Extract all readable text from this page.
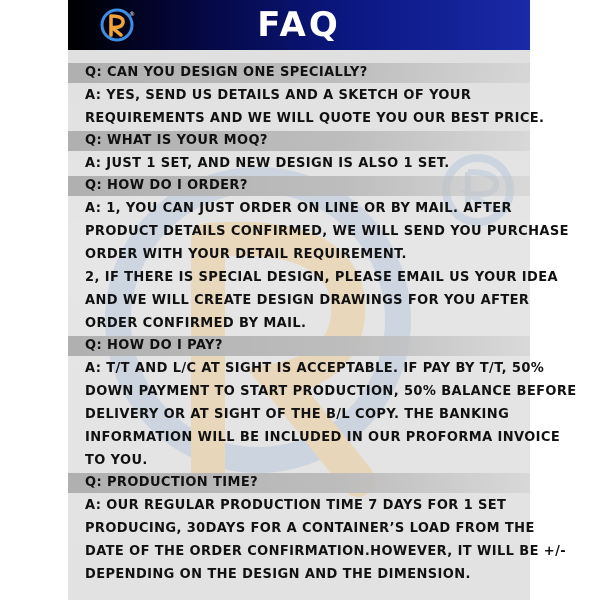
®	FAQ
Q: CAN YOU DESIGN ONE SPECIALLY?
A: YES, SEND US DETAILS AND A SKETCH OF YOUR
REQUIREMENTS AND WE WILL QUOTE YOU OUR BEST PRICE.
Q: WHAT IS YOUR MOQ?
A: JUST 1 SET, AND NEW DESIGN IS ALSO 1 SET.
Q: HOW DO I ORDER?
A: 1, YOU CAN JUST ORDER ON LINE OR BY MAIL. AFTER
PRODUCT DETAILS CONFIRMED, WE WILL SEND YOU PURCHASE
ORDER WITH YOUR DETAIL REQUIREMENT.
2, IF THERE IS SPECIAL DESIGN, PLEASE EMAIL US YOUR IDEA
AND WE WILL CREATE DESIGN DRAWINGS FOR YOU AFTER
ORDER CONFIRMED BY MAIL.
Q: HOW DO I PAY?
A: T/T AND L/C AT SIGHT IS ACCEPTABLE. IF PAY BY T/T, 50%
DOWN PAYMENT TO START PRODUCTION, 50% BALANCE BEFORE
DELIVERY OR AT SIGHT OF THE B/L COPY. THE BANKING
INFORMATION WILL BE INCLUDED IN OUR PROFORMA INVOICE
TO YOU.
Q: PRODUCTION TIME?
A: OUR REGULAR PRODUCTION TIME 7 DAYS FOR 1 SET
PRODUCING, 30DAYS FOR A CONTAINER’S LOAD FROM THE
DATE OF THE ORDER CONFIRMATION.HOWEVER, IT WILL BE +/-
DEPENDING ON THE DESIGN AND THE DIMENSION.
